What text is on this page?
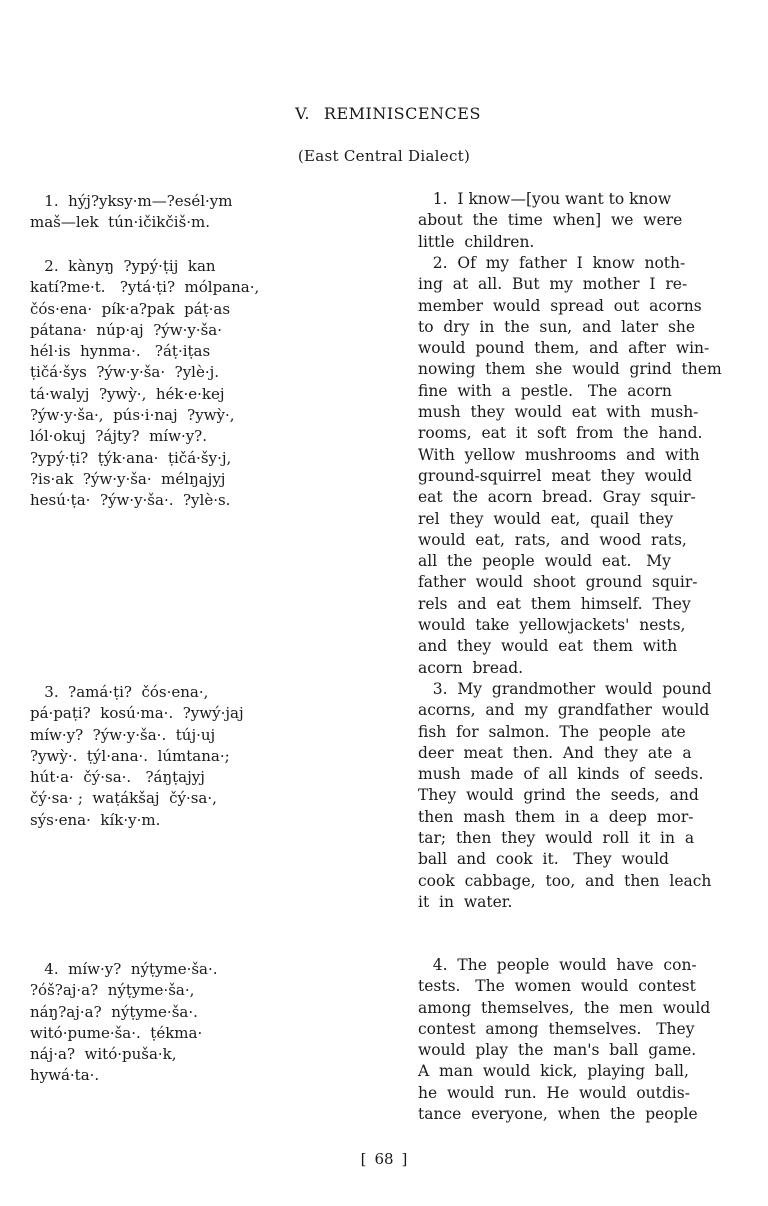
V. REMINISCENCES
(East Central Dialect)
1.  hýj?yksy·m—?esél·ym
maš—lek  tún·ičikčiš·m.
2.  kànyŋ  ?ypý·ṭij  kan
katí?me·t.   ?ytá·ṭi?  mólpana·,
čós·ena·  pík·a?pak  páṭ·as
pátana·  núp·aj  ?ýw·y·ša·
hél·is  hynma·.   ?áṭ·iṭas
ṭičá·šys  ?ýw·y·ša·  ?ylè·j.
tá·walyj  ?ywỳ·,  hék·e·kej
?ýw·y·ša·,  pús·i·naj  ?ywỳ·,
lól·okuj  ?ájty?  míw·y?.
?ypý·ṭi?  ṭýk·ana·  ṭičá·šy·j,
?is·ak  ?ýw·y·ša·  mélŋajyj
hesú·ṭa·  ?ýw·y·ša·.  ?ylè·s.
3.  ?amá·ṭi?  čós·ena·,
pá·paṭi?  kosú·ma·.  ?ywý·jaj
míw·y?  ?ýw·y·ša·.  túj·uj
?ywỳ·.  ṭýl·ana·.  lúmtana·;
hút·a·  čý·sa·.   ?áŋṭajyj
čý·sa· ;  waṭákšaj  čý·sa·,
sýs·ena·  kík·y·m.
4.  míw·y?  nýṭyme·ša·.
?óš?aj·a?  nýṭyme·ša·,
náŋ?aj·a?  nýṭyme·ša·.
witó·pume·ša·.  ṭékma·
náj·a?  witó·puša·k,
hywá·ta·.
1.  I know—[you want to know
about  the  time  when]  we  were
little  children.
2.  Of  my  father  I  know  noth-
ing  at  all.  But  my  mother  I  re-
member  would  spread  out  acorns
to  dry  in  the  sun,  and  later  she
would  pound  them,  and  after  win-
nowing  them  she  would  grind  them
fine  with  a  pestle.   The  acorn
mush  they  would  eat  with  mush-
rooms,  eat  it  soft  from  the  hand.
With  yellow  mushrooms  and  with
ground-squirrel  meat  they  would
eat  the  acorn  bread.  Gray  squir-
rel  they  would  eat,  quail  they
would  eat,  rats,  and  wood  rats,
all  the  people  would  eat.   My
father  would  shoot  ground  squir-
rels  and  eat  them  himself.  They
would  take  yellowjackets'  nests,
and  they  would  eat  them  with
acorn  bread.
3.  My  grandmother  would  pound
acorns,  and  my  grandfather  would
fish  for  salmon.  The  people  ate
deer  meat  then.  And  they  ate  a
mush  made  of  all  kinds  of  seeds.
They  would  grind  the  seeds,  and
then  mash  them  in  a  deep  mor-
tar;  then  they  would  roll  it  in  a
ball  and  cook  it.   They  would
cook  cabbage,  too,  and  then  leach
it  in  water.
4.  The  people  would  have  con-
tests.   The  women  would  contest
among  themselves,  the  men  would
contest  among  themselves.   They
would  play  the  man's  ball  game.
A  man  would  kick,  playing  ball,
he  would  run.  He  would  outdis-
tance  everyone,  when  the  people
[ 68 ]
